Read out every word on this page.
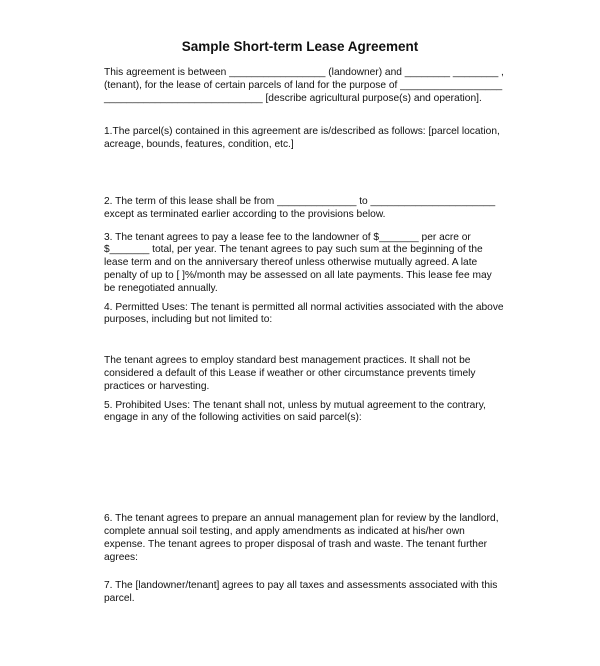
Sample Short-term Lease Agreement
This agreement is between _________________ (landowner) and ________ ________ ,
(tenant), for the lease of certain parcels of land for the purpose of __________________
____________________________ [describe agricultural purpose(s) and operation].
1.The parcel(s) contained in this agreement are is/described as follows: [parcel location,
acreage, bounds, features, condition, etc.]
2. The term of this lease shall be from ______________ to ______________________
except as terminated earlier according to the provisions below.
3. The tenant agrees to pay a lease fee to the landowner of $_______ per acre or
$_______ total, per year. The tenant agrees to pay such sum at the beginning of the
lease term and on the anniversary thereof unless otherwise mutually agreed. A late
penalty of up to [ ]%/month may be assessed on all late payments. This lease fee may
be renegotiated annually.
4. Permitted Uses: The tenant is permitted all normal activities associated with the above
purposes, including but not limited to:
The tenant agrees to employ standard best management practices. It shall not be
considered a default of this Lease if weather or other circumstance prevents timely
practices or harvesting.
5. Prohibited Uses: The tenant shall not, unless by mutual agreement to the contrary,
engage in any of the following activities on said parcel(s):
6. The tenant agrees to prepare an annual management plan for review by the landlord,
complete annual soil testing, and apply amendments as indicated at his/her own
expense. The tenant agrees to proper disposal of trash and waste. The tenant further
agrees:
7. The [landowner/tenant] agrees to pay all taxes and assessments associated with this
parcel.
